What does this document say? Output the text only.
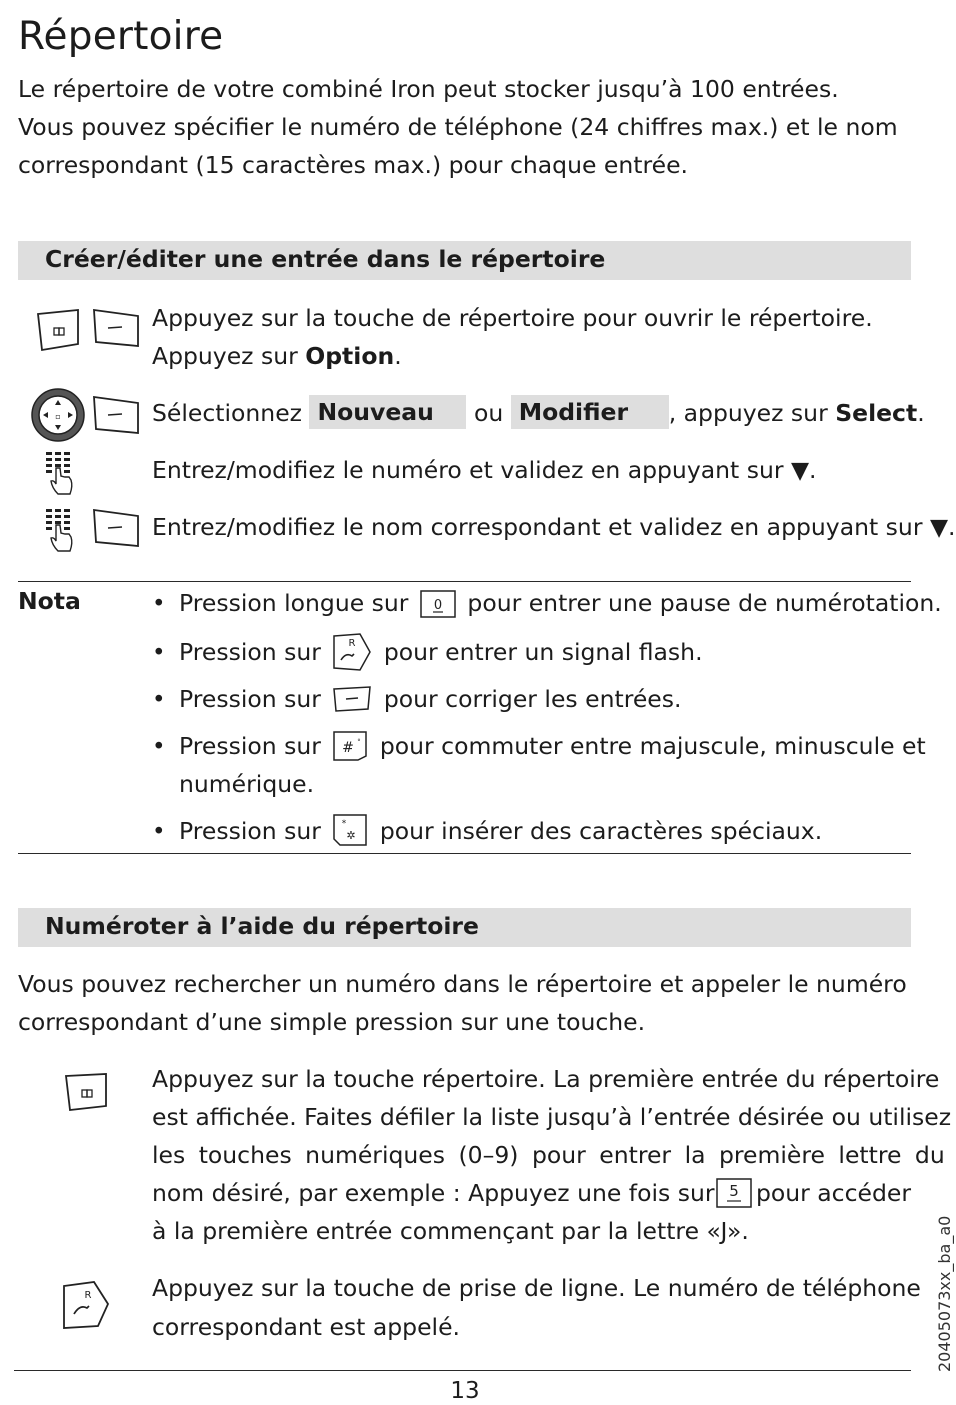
Répertoire
Le répertoire de votre combiné Iron peut stocker jusqu’à 100 entrées.
Vous pouvez spécifier le numéro de téléphone (24 chiffres max.) et le nom
correspondant (15 caractères max.) pour chaque entrée.
Créer/éditer une entrée dans le répertoire
Appuyez sur la touche de répertoire pour ouvrir le répertoire.
Appuyez sur Option.
▫	Sélectionnez Nouveau ou Modifier , appuyez sur Select.
Entrez/modifiez le numéro et validez en appuyant sur ▼.
Entrez/modifiez le nom correspondant et validez en appuyant sur ▼.
Nota	• Pression longue sur 0 pour entrer une pause de numérotation.
• Pression sur R pour entrer un signal flash.
• Pression sur  pour corriger les entrées.
• Pression sur # ∘ pour commuter entre majuscule, minuscule et
numérique.
• Pression sur *
✲ pour insérer des caractères spéciaux.
Numéroter à l’aide du répertoire
Vous pouvez rechercher un numéro dans le répertoire et appeler le numéro
correspondant d’une simple pression sur une touche.
Appuyez sur la touche répertoire. La première entrée du répertoire
est affichée. Faites défiler la liste jusqu’à l’entrée désirée ou utilisez
les touches numériques (0–9) pour entrer la première lettre du
nom désiré, par exemple : Appuyez une fois sur 5 pour accéder
à la première entrée commençant par la lettre «J».
R	Appuyez sur la touche de prise de ligne. Le numéro de téléphone
correspondant est appelé.
13
20405073xx_ba_a0
